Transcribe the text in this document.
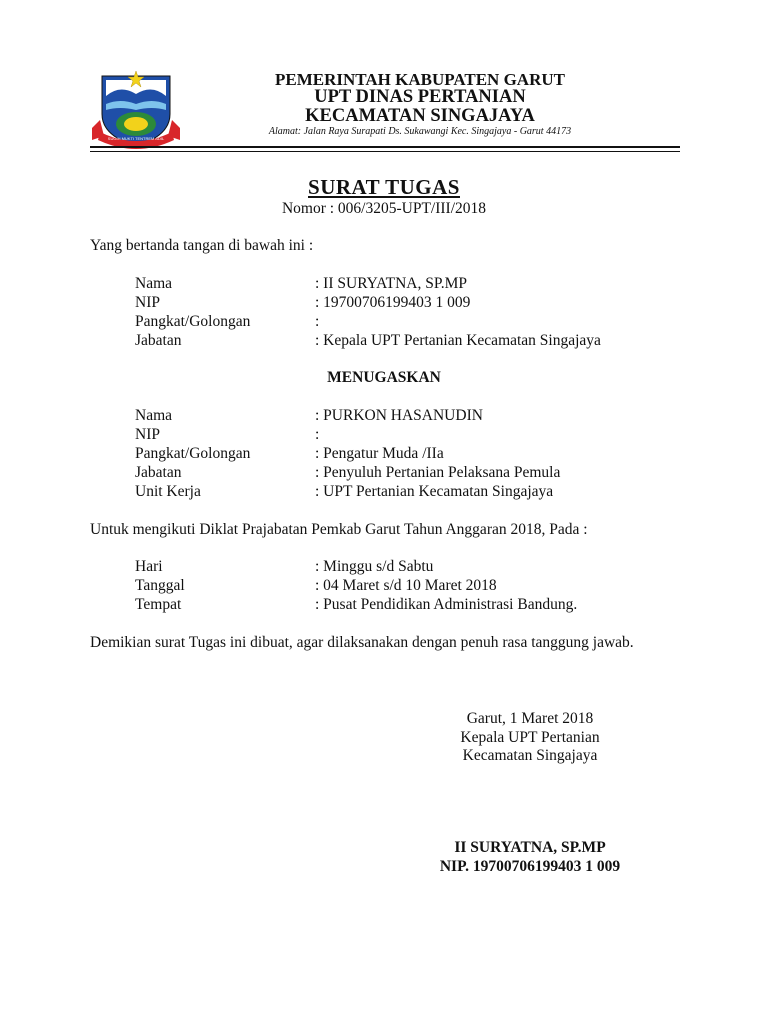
SUGIH MUKTI TENTREM ADIL
PEMERINTAH KABUPATEN GARUT
UPT DINAS PERTANIAN
KECAMATAN SINGAJAYA
Alamat: Jalan Raya Surapati Ds. Sukawangi Kec. Singajaya - Garut 44173
SURAT TUGAS
Nomor : 006/3205-UPT/III/2018
Yang bertanda tangan di bawah ini :
Nama	: II SURYATNA, SP.MP
NIP	: 19700706199403 1 009
Pangkat/Golongan	:
Jabatan	: Kepala UPT Pertanian Kecamatan Singajaya
MENUGASKAN
Nama	: PURKON HASANUDIN
NIP	:
Pangkat/Golongan	: Pengatur Muda /IIa
Jabatan	: Penyuluh Pertanian Pelaksana Pemula
Unit Kerja	: UPT Pertanian Kecamatan Singajaya
Untuk mengikuti Diklat Prajabatan Pemkab Garut Tahun Anggaran 2018, Pada :
Hari	: Minggu s/d Sabtu
Tanggal	: 04 Maret s/d 10 Maret 2018
Tempat	: Pusat Pendidikan Administrasi Bandung.
Demikian surat Tugas ini dibuat, agar dilaksanakan dengan penuh rasa tanggung jawab.
Garut, 1 Maret 2018
Kepala UPT Pertanian
Kecamatan Singajaya
II SURYATNA, SP.MP
NIP. 19700706199403 1 009
